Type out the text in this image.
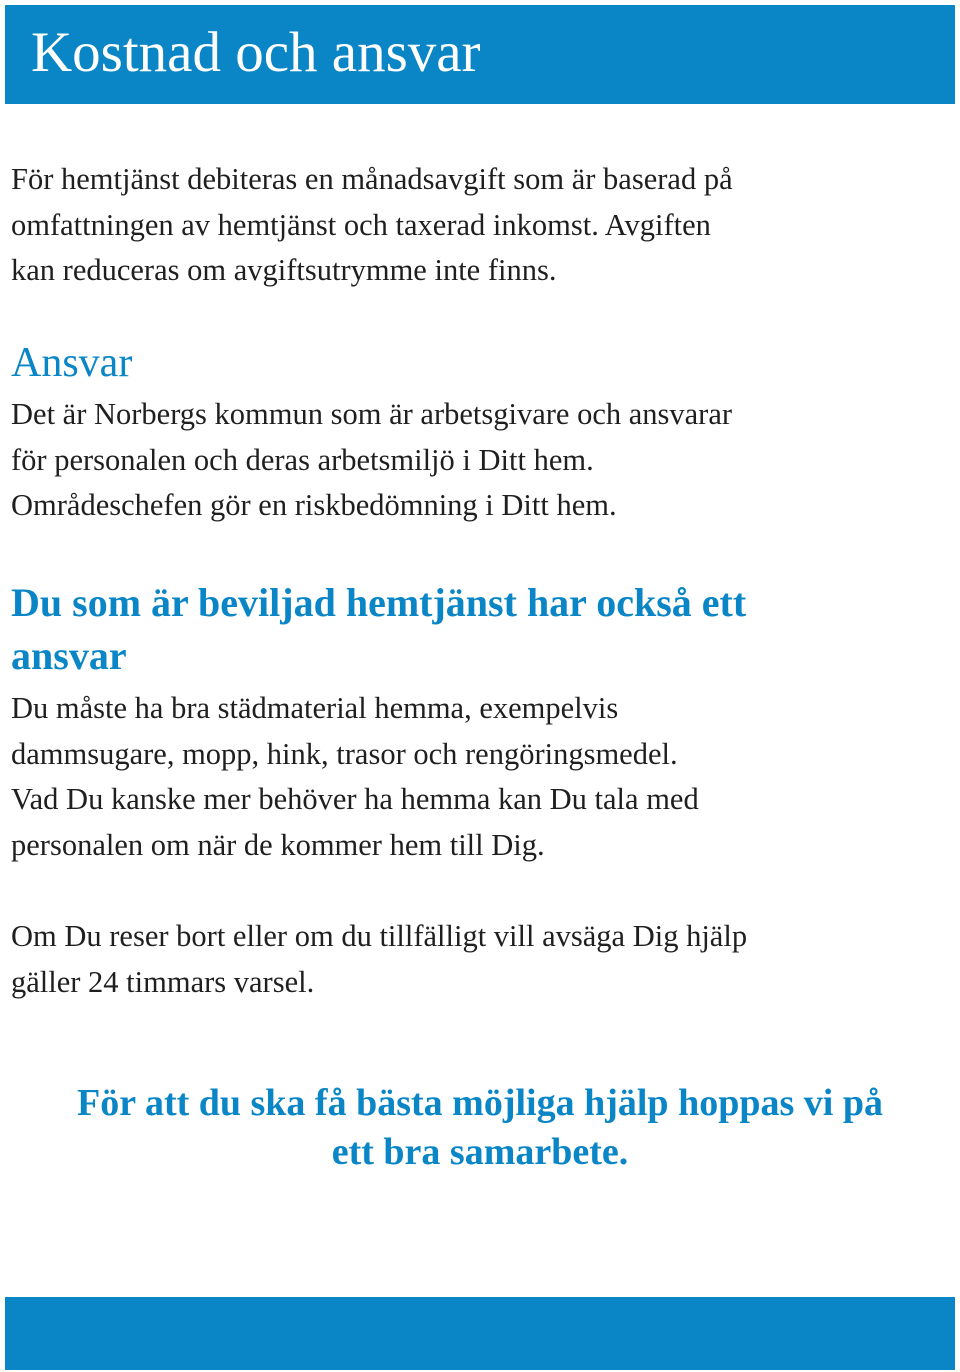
Kostnad och ansvar

För hemtjänst debiteras en månadsavgift som är baserad på
omfattningen av hemtjänst och taxerad inkomst. Avgiften
kan reduceras om avgiftsutrymme inte finns.

Ansvar

Det är Norbergs kommun som är arbetsgivare och ansvarar
för personalen och deras arbetsmiljö i Ditt hem.
Områdeschefen gör en riskbedömning i Ditt hem.

Du som är beviljad hemtjänst har också ett
ansvar

Du måste ha bra städmaterial hemma, exempelvis
dammsugare, mopp, hink, trasor och rengöringsmedel.
Vad Du kanske mer behöver ha hemma kan Du tala med
personalen om när de kommer hem till Dig.

Om Du reser bort eller om du tillfälligt vill avsäga Dig hjälp
gäller 24 timmars varsel.

För att du ska få bästa möjliga hjälp hoppas vi på
ett bra samarbete.
